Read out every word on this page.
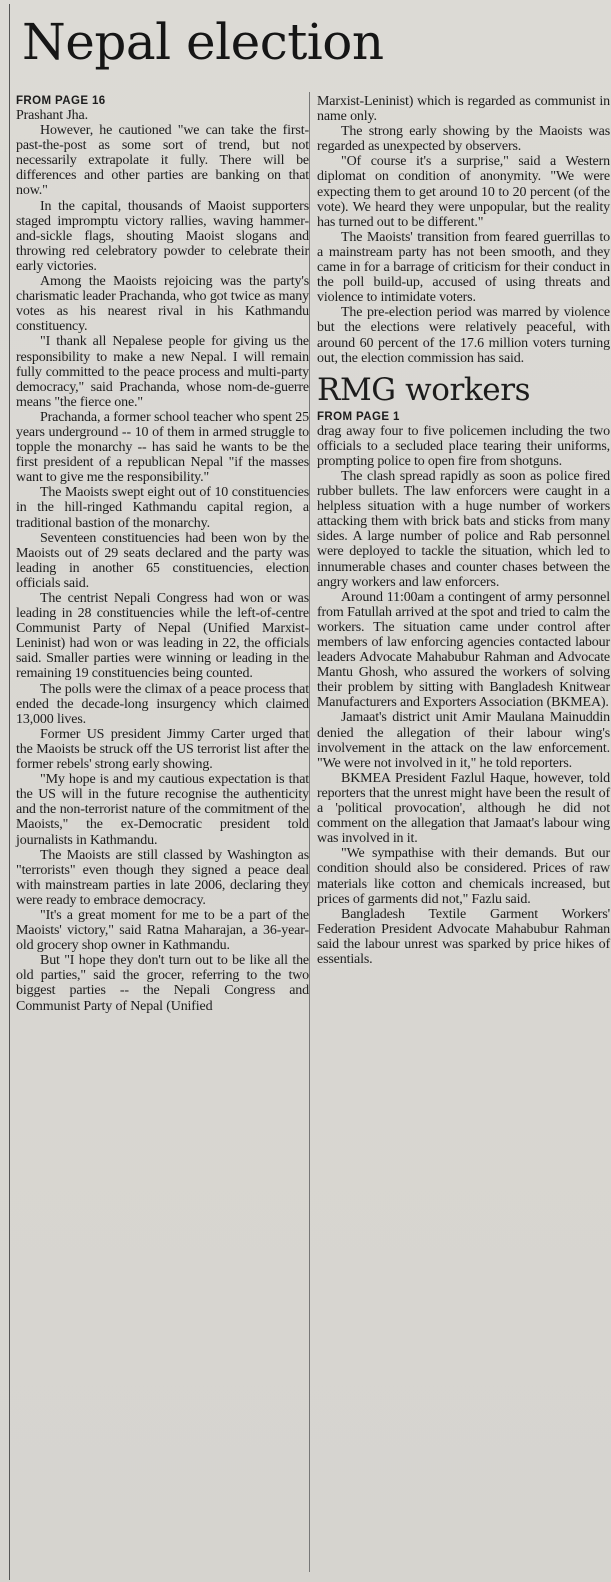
Nepal election

FROM PAGE 16

Prashant Jha.

However, he cautioned "we can take the first-past-the-post as some sort of trend, but not necessarily extrapolate it fully. There will be differences and other parties are banking on that now."

In the capital, thousands of Maoist supporters staged impromptu victory rallies, waving hammer-and-sickle flags, shouting Maoist slogans and throwing red celebratory powder to celebrate their early victories.

Among the Maoists rejoicing was the party's charismatic leader Prachanda, who got twice as many votes as his nearest rival in his Kathmandu constituency.

"I thank all Nepalese people for giving us the responsibility to make a new Nepal. I will remain fully committed to the peace process and multi-party democracy," said Prachanda, whose nom-de-guerre means "the fierce one."

Prachanda, a former school teacher who spent 25 years underground -- 10 of them in armed struggle to topple the monarchy -- has said he wants to be the first president of a republican Nepal "if the masses want to give me the responsibility."

The Maoists swept eight out of 10 constituencies in the hill-ringed Kathmandu capital region, a traditional bastion of the monarchy.

Seventeen constituencies had been won by the Maoists out of 29 seats declared and the party was leading in another 65 constituencies, election officials said.

The centrist Nepali Congress had won or was leading in 28 constituencies while the left-of-centre Communist Party of Nepal (Unified Marxist-Leninist) had won or was leading in 22, the officials said. Smaller parties were winning or leading in the remaining 19 constituencies being counted.

The polls were the climax of a peace process that ended the decade-long insurgency which claimed 13,000 lives.

Former US president Jimmy Carter urged that the Maoists be struck off the US terrorist list after the former rebels' strong early showing.

"My hope is and my cautious expectation is that the US will in the future recognise the authenticity and the non-terrorist nature of the commitment of the Maoists," the ex-Democratic president told journalists in Kathmandu.

The Maoists are still classed by Washington as "terrorists" even though they signed a peace deal with mainstream parties in late 2006, declaring they were ready to embrace democracy.

"It's a great moment for me to be a part of the Maoists' victory," said Ratna Maharajan, a 36-year-old grocery shop owner in Kathmandu.

But "I hope they don't turn out to be like all the old parties," said the grocer, referring to the two biggest parties -- the Nepali Congress and Communist Party of Nepal (Unified

Marxist-Leninist) which is regarded as communist in name only.

The strong early showing by the Maoists was regarded as unexpected by observers.

"Of course it's a surprise," said a Western diplomat on condition of anonymity. "We were expecting them to get around 10 to 20 percent (of the vote). We heard they were unpopular, but the reality has turned out to be different."

The Maoists' transition from feared guerrillas to a mainstream party has not been smooth, and they came in for a barrage of criticism for their conduct in the poll build-up, accused of using threats and violence to intimidate voters.

The pre-election period was marred by violence but the elections were relatively peaceful, with around 60 percent of the 17.6 million voters turning out, the election commission has said.

RMG workers

FROM PAGE 1

drag away four to five policemen including the two officials to a secluded place tearing their uniforms, prompting police to open fire from shotguns.

The clash spread rapidly as soon as police fired rubber bullets. The law enforcers were caught in a helpless situation with a huge number of workers attacking them with brick bats and sticks from many sides. A large number of police and Rab personnel were deployed to tackle the situation, which led to innumerable chases and counter chases between the angry workers and law enforcers.

Around 11:00am a contingent of army personnel from Fatullah arrived at the spot and tried to calm the workers. The situation came under control after members of law enforcing agencies contacted labour leaders Advocate Mahabubur Rahman and Advocate Mantu Ghosh, who assured the workers of solving their problem by sitting with Bangladesh Knitwear Manufacturers and Exporters Association (BKMEA).

Jamaat's district unit Amir Maulana Mainuddin denied the allegation of their labour wing's involvement in the attack on the law enforcement. "We were not involved in it," he told reporters.

BKMEA President Fazlul Haque, however, told reporters that the unrest might have been the result of a 'political provocation', although he did not comment on the allegation that Jamaat's labour wing was involved in it.

"We sympathise with their demands. But our condition should also be considered. Prices of raw materials like cotton and chemicals increased, but prices of garments did not," Fazlu said.

Bangladesh Textile Garment Workers' Federation President Advocate Mahabubur Rahman said the labour unrest was sparked by price hikes of essentials.
